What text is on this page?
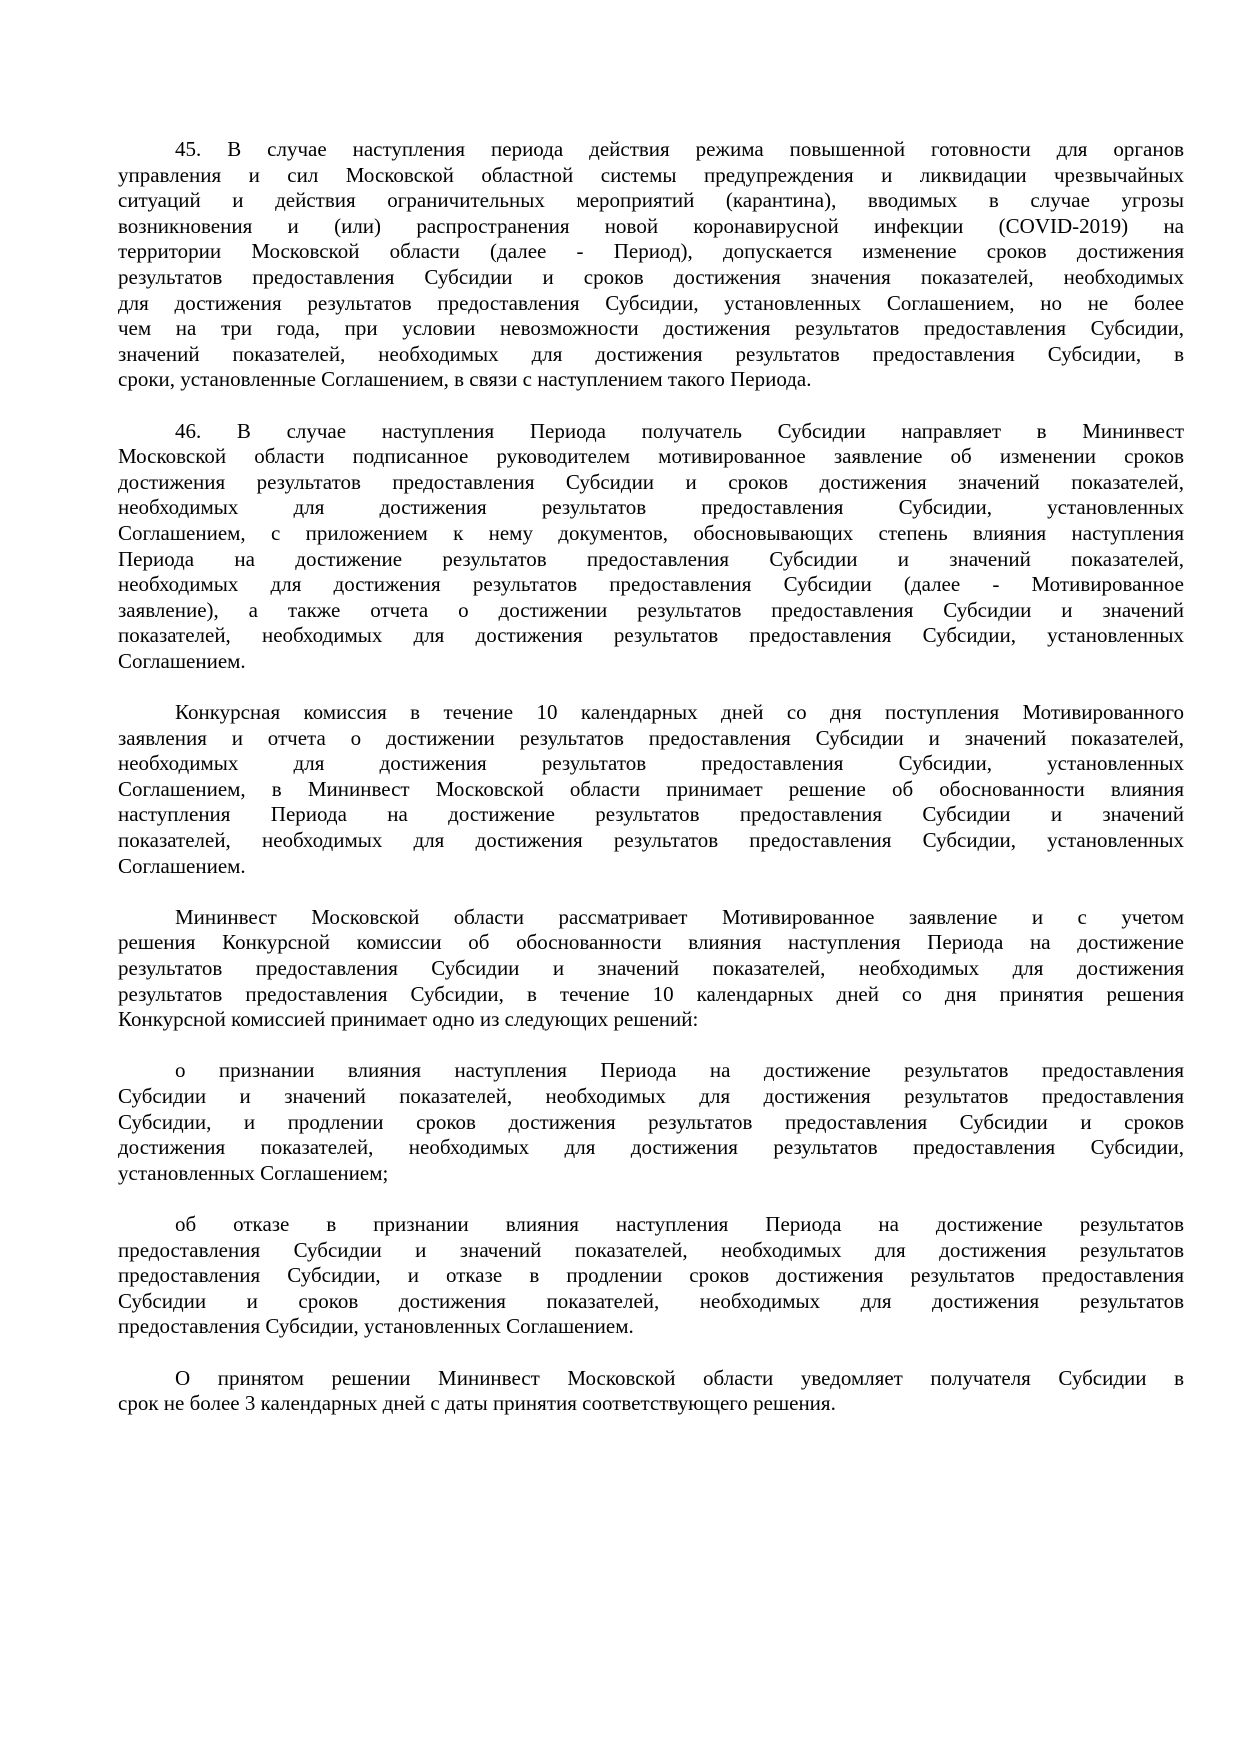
45. В случае наступления периода действия режима повышенной готовности для органов
управления и сил Московской областной системы предупреждения и ликвидации чрезвычайных
ситуаций и действия ограничительных мероприятий (карантина), вводимых в случае угрозы
возникновения и (или) распространения новой коронавирусной инфекции (COVID-2019) на
территории Московской области (далее - Период), допускается изменение сроков достижения
результатов предоставления Субсидии и сроков достижения значения показателей, необходимых
для достижения результатов предоставления Субсидии, установленных Соглашением, но не более
чем на три года, при условии невозможности достижения результатов предоставления Субсидии,
значений показателей, необходимых для достижения результатов предоставления Субсидии, в
сроки, установленные Соглашением, в связи с наступлением такого Периода.
46. В случае наступления Периода получатель Субсидии направляет в Мининвест
Московской области подписанное руководителем мотивированное заявление об изменении сроков
достижения результатов предоставления Субсидии и сроков достижения значений показателей,
необходимых для достижения результатов предоставления Субсидии, установленных
Соглашением, с приложением к нему документов, обосновывающих степень влияния наступления
Периода на достижение результатов предоставления Субсидии и значений показателей,
необходимых для достижения результатов предоставления Субсидии (далее - Мотивированное
заявление), а также отчета о достижении результатов предоставления Субсидии и значений
показателей, необходимых для достижения результатов предоставления Субсидии, установленных
Соглашением.
Конкурсная комиссия в течение 10 календарных дней со дня поступления Мотивированного
заявления и отчета о достижении результатов предоставления Субсидии и значений показателей,
необходимых для достижения результатов предоставления Субсидии, установленных
Соглашением, в Мининвест Московской области принимает решение об обоснованности влияния
наступления Периода на достижение результатов предоставления Субсидии и значений
показателей, необходимых для достижения результатов предоставления Субсидии, установленных
Соглашением.
Мининвест Московской области рассматривает Мотивированное заявление и с учетом
решения Конкурсной комиссии об обоснованности влияния наступления Периода на достижение
результатов предоставления Субсидии и значений показателей, необходимых для достижения
результатов предоставления Субсидии, в течение 10 календарных дней со дня принятия решения
Конкурсной комиссией принимает одно из следующих решений:
о признании влияния наступления Периода на достижение результатов предоставления
Субсидии и значений показателей, необходимых для достижения результатов предоставления
Субсидии, и продлении сроков достижения результатов предоставления Субсидии и сроков
достижения показателей, необходимых для достижения результатов предоставления Субсидии,
установленных Соглашением;
об отказе в признании влияния наступления Периода на достижение результатов
предоставления Субсидии и значений показателей, необходимых для достижения результатов
предоставления Субсидии, и отказе в продлении сроков достижения результатов предоставления
Субсидии и сроков достижения показателей, необходимых для достижения результатов
предоставления Субсидии, установленных Соглашением.
О принятом решении Мининвест Московской области уведомляет получателя Субсидии в
срок не более 3 календарных дней с даты принятия соответствующего решения.
